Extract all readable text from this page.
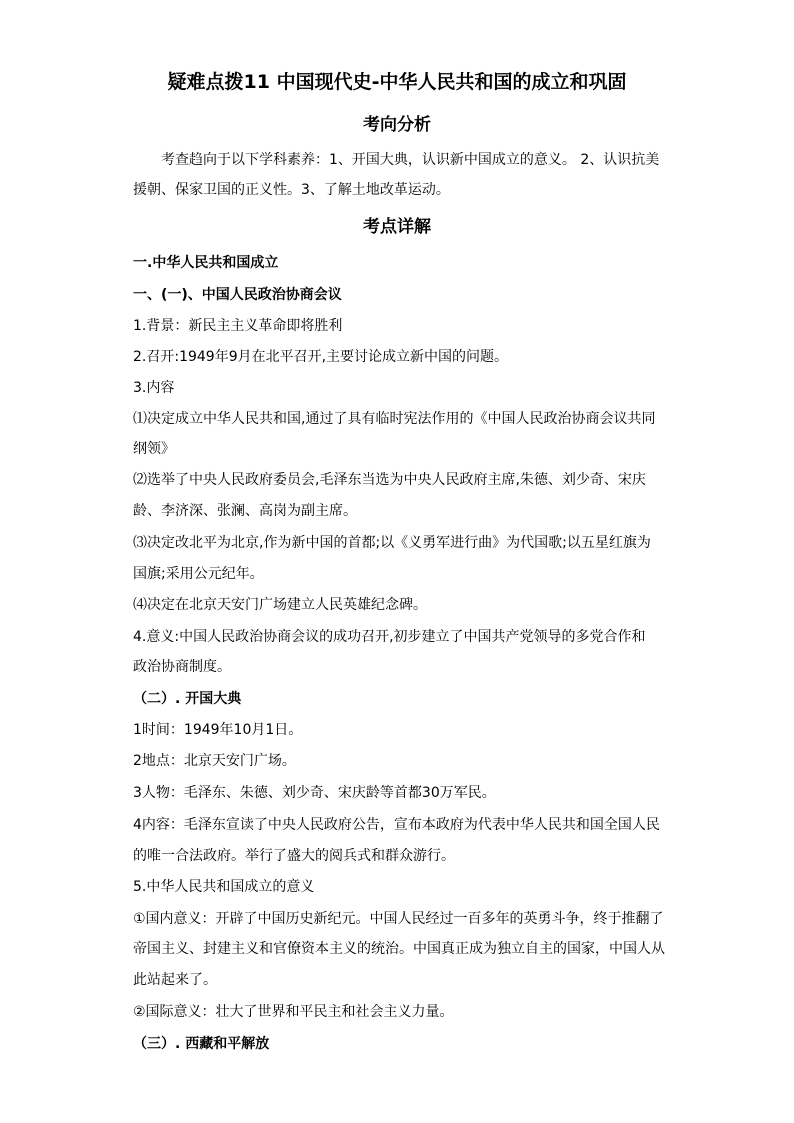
疑难点拨11 中国现代史-中华人民共和国的成立和巩固
考向分析
考查趋向于以下学科素养：1、开国大典，认识新中国成立的意义。 2、认识抗美
援朝、保家卫国的正义性。3、了解土地改革运动。
考点详解
一.中华人民共和国成立
一、(一)、中国人民政治协商会议
1.背景：新民主主义革命即将胜利
2.召开:1949年9月在北平召开,主要讨论成立新中国的问题。
3.内容
⑴决定成立中华人民共和国,通过了具有临时宪法作用的《中国人民政治协商会议共同
纲领》
⑵选举了中央人民政府委员会,毛泽东当选为中央人民政府主席,朱德、刘少奇、宋庆
龄、李济深、张澜、高岗为副主席。
⑶决定改北平为北京,作为新中国的首都;以《义勇军进行曲》为代国歌;以五星红旗为
国旗;采用公元纪年。
⑷决定在北京天安门广场建立人民英雄纪念碑。
4.意义:中国人民政治协商会议的成功召开,初步建立了中国共产党领导的多党合作和
政治协商制度。
（二）. 开国大典
1时间：1949年10月1日。
2地点：北京天安门广场。
3人物：毛泽东、朱德、刘少奇、宋庆龄等首都30万军民。
4内容：毛泽东宣读了中央人民政府公告，宣布本政府为代表中华人民共和国全国人民
的唯一合法政府。举行了盛大的阅兵式和群众游行。
5.中华人民共和国成立的意义
①国内意义：开辟了中国历史新纪元。中国人民经过一百多年的英勇斗争，终于推翻了
帝国主义、封建主义和官僚资本主义的统治。中国真正成为独立自主的国家，中国人从
此站起来了。
②国际意义：壮大了世界和平民主和社会主义力量。
（三）. 西藏和平解放
